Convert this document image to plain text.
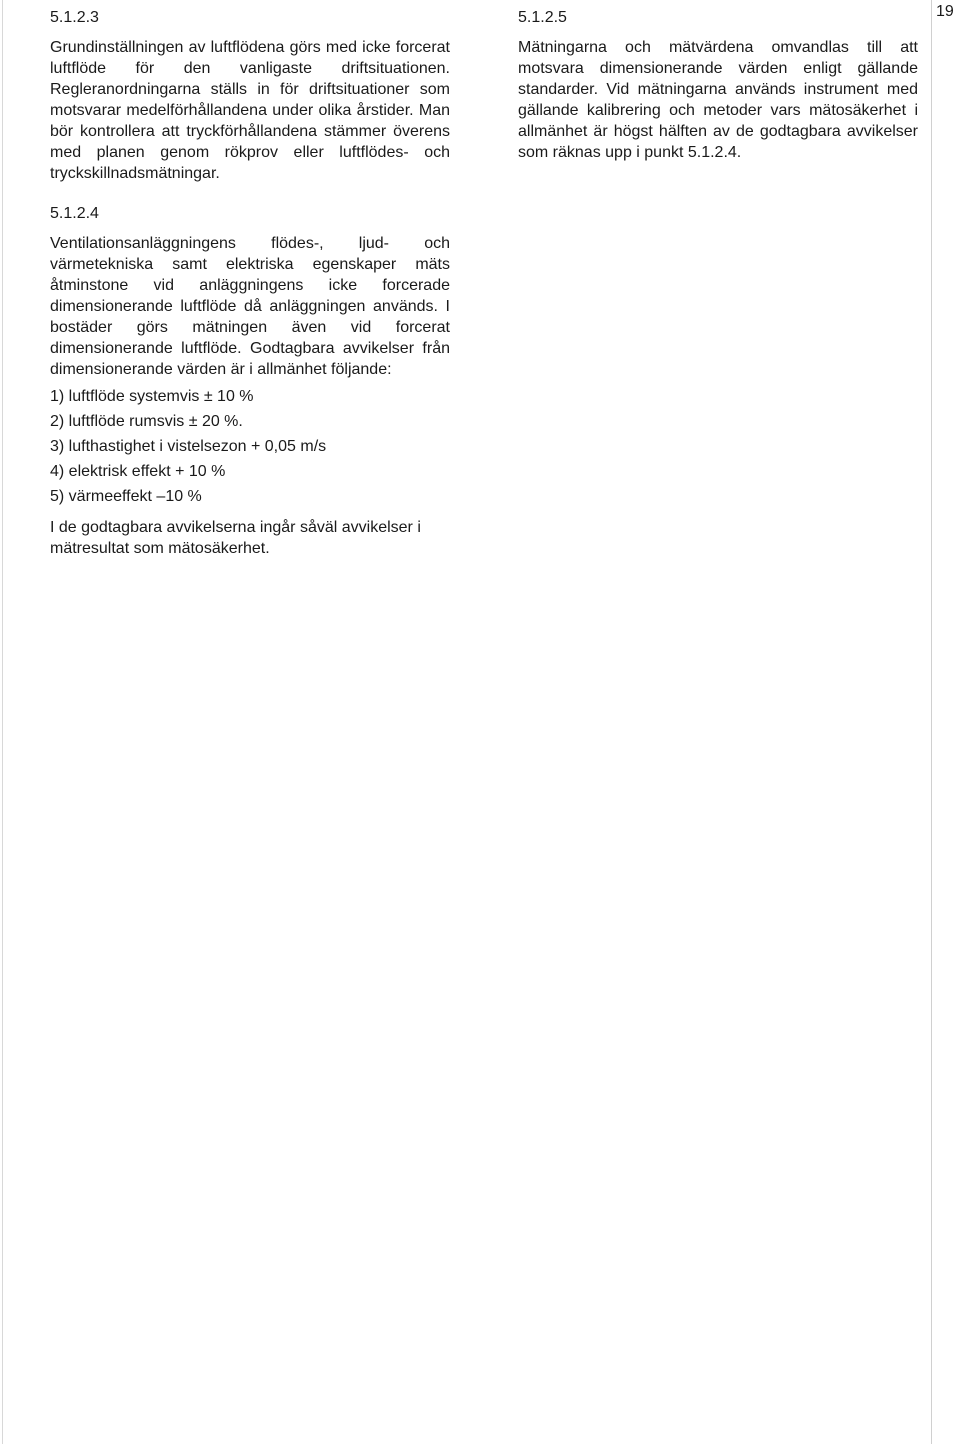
19

5.1.2.3

Grundinställningen av luftflödena görs med icke forcerat luftflöde för den vanligaste driftsituationen. Regleranordningarna ställs in för driftsituationer som motsvarar medelförhållandena under olika årstider. Man bör kontrollera att tryckförhållandena stämmer överens med planen genom rökprov eller luftflödes- och tryckskillnadsmätningar.

5.1.2.4

Ventilationsanläggningens flödes-, ljud- och värmetekniska samt elektriska egenskaper mäts åtminstone vid anläggningens icke forcerade dimensionerande luftflöde då anläggningen används. I bostäder görs mätningen även vid forcerat dimensionerande luftflöde. Godtagbara avvikelser från dimensionerande värden är i allmänhet följande:

1) luftflöde systemvis ± 10 %
2) luftflöde rumsvis ± 20 %.
3) lufthastighet i vistelsezon + 0,05 m/s
4) elektrisk effekt + 10 %
5) värmeeffekt –10 %

I de godtagbara avvikelserna ingår såväl avvikelser i mätresultat som mätosäkerhet.

5.1.2.5

Mätningarna och mätvärdena omvandlas till att motsvara dimensionerande värden enligt gällande standarder. Vid mätningarna används instrument med gällande kalibrering och metoder vars mätosäkerhet i allmänhet är högst hälften av de godtagbara avvikelser som räknas upp i punkt 5.1.2.4.
